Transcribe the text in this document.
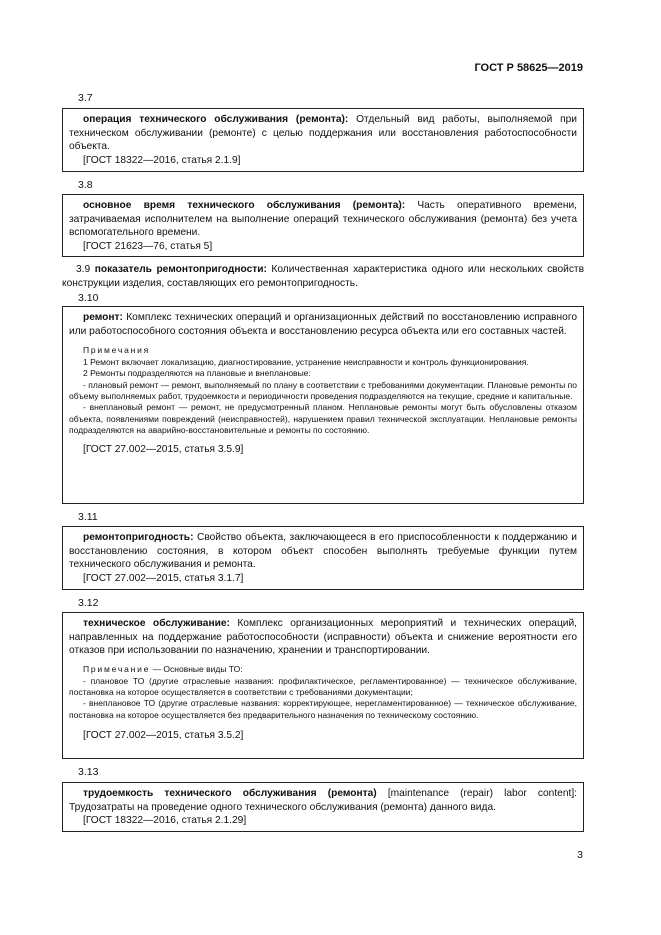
ГОСТ Р 58625—2019
3.7

операция технического обслуживания (ремонта): Отдельный вид работы, выполняемой при техническом обслуживании (ремонте) с целью поддержания или восстановления работоспособности объекта.

[ГОСТ 18322—2016, статья 2.1.9]

3.8

основное время технического обслуживания (ремонта): Часть оперативного времени, затрачиваемая исполнителем на выполнение операций технического обслуживания (ремонта) без учета вспомогательного времени.

[ГОСТ 21623—76, статья 5]

3.9 показатель ремонтопригодности: Количественная характеристика одного или нескольких свойств конструкции изделия, составляющих его ремонтопригодность.

3.10

ремонт: Комплекс технических операций и организационных действий по восстановлению исправного или работоспособного состояния объекта и восстановлению ресурса объекта или его составных частей.

Примечания

1 Ремонт включает локализацию, диагностирование, устранение неисправности и контроль функционирования.

2 Ремонты подразделяются на плановые и внеплановые:

- плановый ремонт — ремонт, выполняемый по плану в соответствии с требованиями документации. Плановые ремонты по объему выполняемых работ, трудоемкости и периодичности проведения подразделяются на текущие, средние и капитальные.

- внеплановый ремонт — ремонт, не предусмотренный планом. Неплановые ремонты могут быть обусловлены отказом объекта, появлениями повреждений (неисправностей), нарушением правил технической эксплуатации. Неплановые ремонты подразделяются на аварийно-восстановительные и ремонты по состоянию.

[ГОСТ 27.002—2015, статья 3.5.9]

3.11

ремонтопригодность: Свойство объекта, заключающееся в его приспособленности к поддержанию и восстановлению состояния, в котором объект способен выполнять требуемые функции путем технического обслуживания и ремонта.

[ГОСТ 27.002—2015, статья 3.1.7]

3.12

техническое обслуживание: Комплекс организационных мероприятий и технических операций, направленных на поддержание работоспособности (исправности) объекта и снижение вероятности его отказов при использовании по назначению, хранении и транспортировании.

Примечание — Основные виды ТО:

- плановое ТО (другие отраслевые названия: профилактическое, регламентированное) — техническое обслуживание, постановка на которое осуществляется в соответствии с требованиями документации;

- внеплановое ТО (другие отраслевые названия: корректирующее, нерегламентированное) — техническое обслуживание, постановка на которое осуществляется без предварительного назначения по техническому состоянию.

[ГОСТ 27.002—2015, статья 3.5.2]

3.13

трудоемкость технического обслуживания (ремонта) [maintenance (repair) labor content]: Трудозатраты на проведение одного технического обслуживания (ремонта) данного вида.

[ГОСТ 18322—2016, статья 2.1.29]

3
